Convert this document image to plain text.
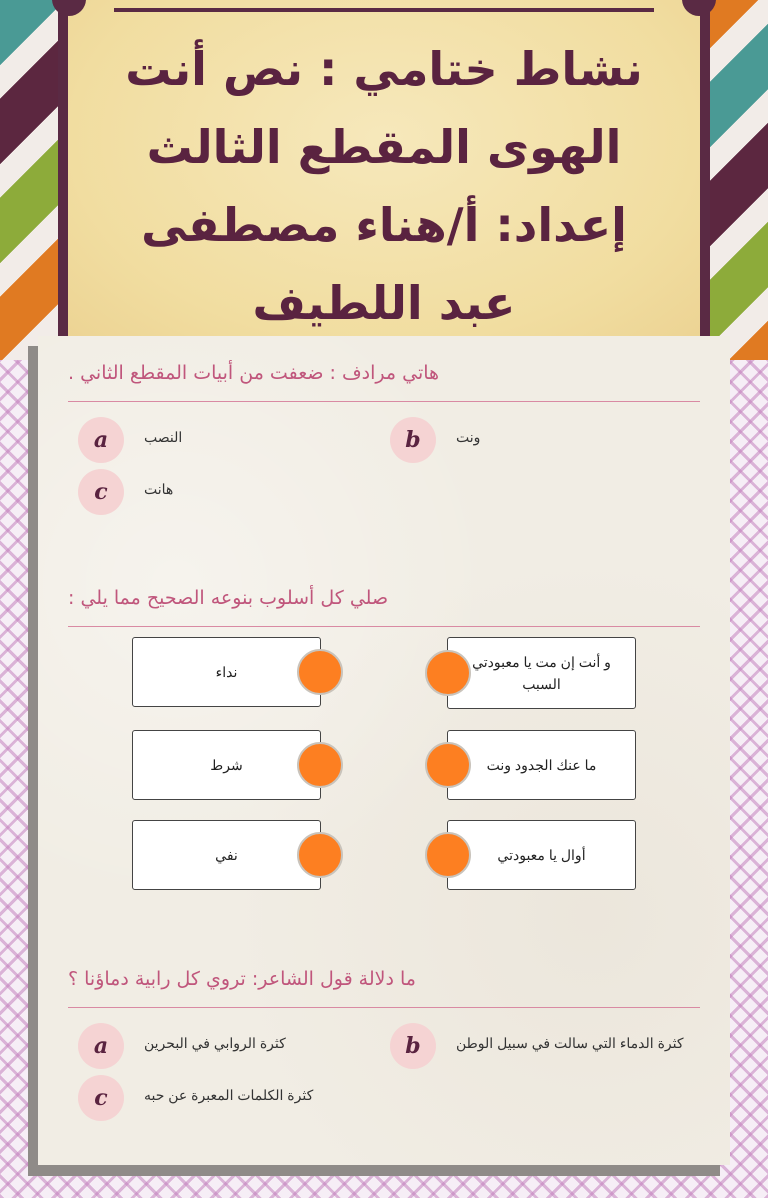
نشاط ختامي : نص أنت الهوى المقطع الثالث إعداد: أ/هناء مصطفى عبد اللطيف
هاتي مرادف : ضعفت من أبيات المقطع الثاني .
a	النصب	b	ونت
c	هانت
صلي كل أسلوب بنوعه الصحيح مما يلي :
نداء
و أنت إن مت يا معبودتي السبب
شرط	ما عنك الجدود ونت
نفي	أوال يا معبودتي
ما دلالة قول الشاعر: تروي كل رابية دماؤنا ؟
a	كثرة الروابي في البحرين	b	كثرة الدماء التي سالت في سبيل الوطن
c	كثرة الكلمات المعبرة عن حبه
